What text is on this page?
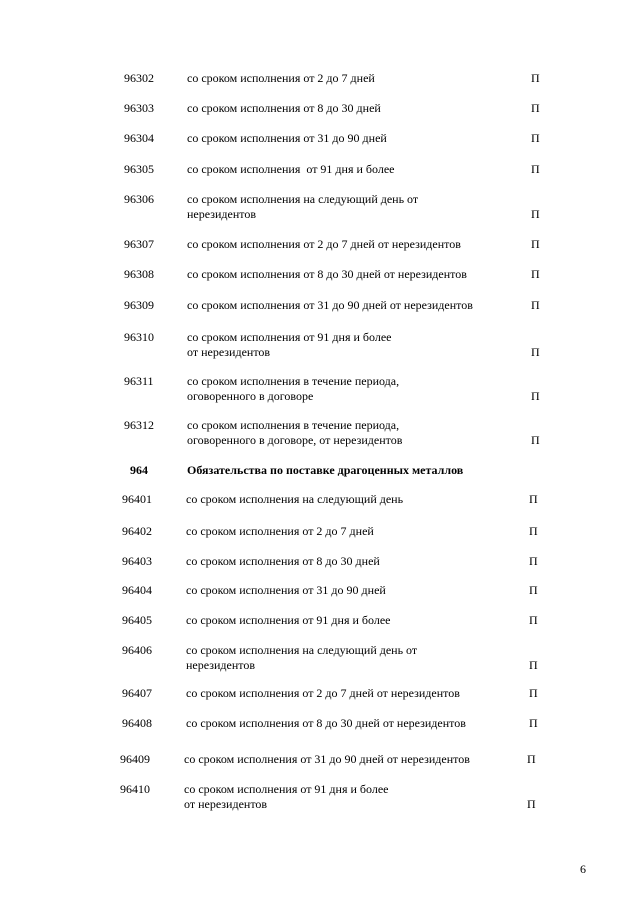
96302	со сроком исполнения от 2 до 7 дней	П
96303	со сроком исполнения от 8 до 30 дней	П
96304	со сроком исполнения от 31 до 90 дней	П
96305	со сроком исполнения  от 91 дня и более	П
96306	со сроком исполнения на следующий день от
нерезидентов	П
96307	со сроком исполнения от 2 до 7 дней от нерезидентов	П
96308	со сроком исполнения от 8 до 30 дней от нерезидентов	П
96309	со сроком исполнения от 31 до 90 дней от нерезидентов	П
96310	со сроком исполнения от 91 дня и более
от нерезидентов	П
96311	со сроком исполнения в течение периода,
оговоренного в договоре	П
96312	со сроком исполнения в течение периода,
оговоренного в договоре, от нерезидентов	П
964	Обязательства по поставке драгоценных металлов
96401	со сроком исполнения на следующий день	П
96402	со сроком исполнения от 2 до 7 дней	П
96403	со сроком исполнения от 8 до 30 дней	П
96404	со сроком исполнения от 31 до 90 дней	П
96405	со сроком исполнения от 91 дня и более	П
96406	со сроком исполнения на следующий день от
нерезидентов	П
96407	со сроком исполнения от 2 до 7 дней от нерезидентов	П
96408	со сроком исполнения от 8 до 30 дней от нерезидентов	П
96409	со сроком исполнения от 31 до 90 дней от нерезидентов	П
96410	со сроком исполнения от 91 дня и более
от нерезидентов	П
6
